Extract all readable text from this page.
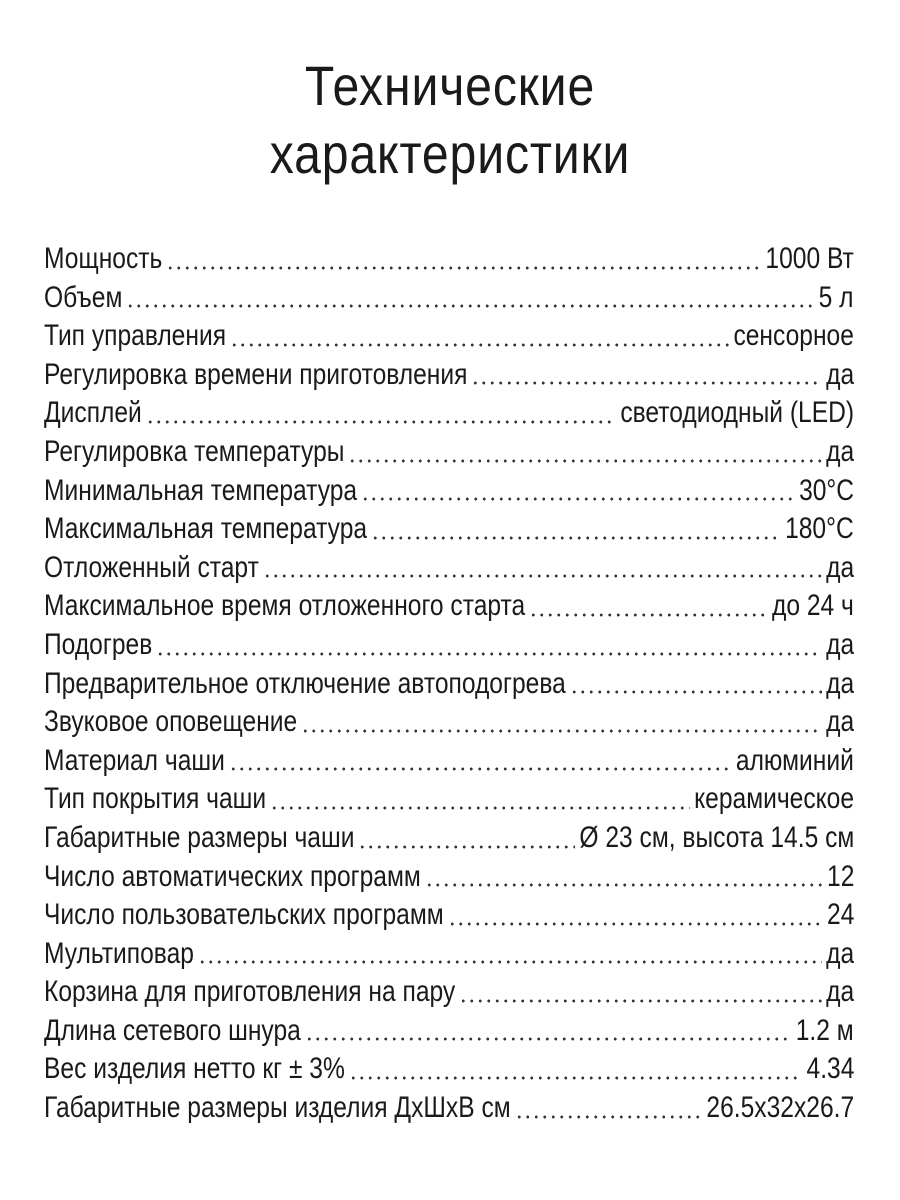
Технические
характеристики
Мощность	1000 Вт
Объем	5 л
Тип управления	сенсорное
Регулировка времени приготовления	да
Дисплей	светодиодный (LED)
Регулировка температуры	да
Минимальная температура	30°C
Максимальная температура	180°C
Отложенный старт	да
Максимальное время отложенного старта	до 24 ч
Подогрев	да
Предварительное отключение автоподогрева	да
Звуковое оповещение	да
Материал чаши	алюминий
Тип покрытия чаши	керамическое
Габаритные размеры чаши	Ø 23 см, высота 14.5 см
Число автоматических программ	12
Число пользовательских программ	24
Мультиповар	да
Корзина для приготовления на пару	да
Длина сетевого шнура	1.2 м
Вес изделия нетто кг ± 3%	4.34
Габаритные размеры изделия ДхШхВ см	26.5x32x26.7
